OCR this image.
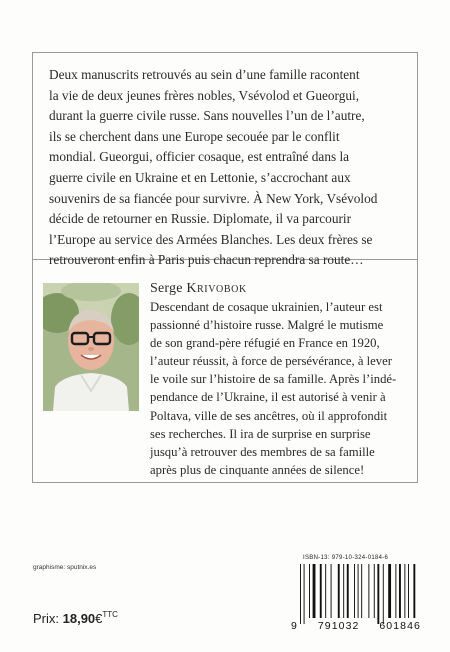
Deux manuscrits retrouvés au sein d’une famille racontent
la vie de deux jeunes frères nobles, Vsévolod et Gueorgui,
durant la guerre civile russe. Sans nouvelles l’un de l’autre,
ils se cherchent dans une Europe secouée par le conflit
mondial. Gueorgui, officier cosaque, est entraîné dans la
guerre civile en Ukraine et en Lettonie, s’accrochant aux
souvenirs de sa fiancée pour survivre. À New York, Vsévolod
décide de retourner en Russie. Diplomate, il va parcourir
l’Europe au service des Armées Blanches. Les deux frères se
retrouveront enfin à Paris puis chacun reprendra sa route…

Serge Krivobok

Descendant de cosaque ukrainien, l’auteur est
passionné d’histoire russe. Malgré le mutisme
de son grand-père réfugié en France en 1920,
l’auteur réussit, à force de persévérance, à lever
le voile sur l’histoire de sa famille. Après l’indé-
pendance de l’Ukraine, il est autorisé à venir à
Poltava, ville de ses ancêtres, où il approfondit
ses recherches. Il ira de surprise en surprise
jusqu’à retrouver des membres de sa famille
après plus de cinquante années de silence!

graphisme: sputnix.es
Prix: 18,90€$^{TTC}$
ISBN-13: 979-10-324-0184-6
9 791032 601846
